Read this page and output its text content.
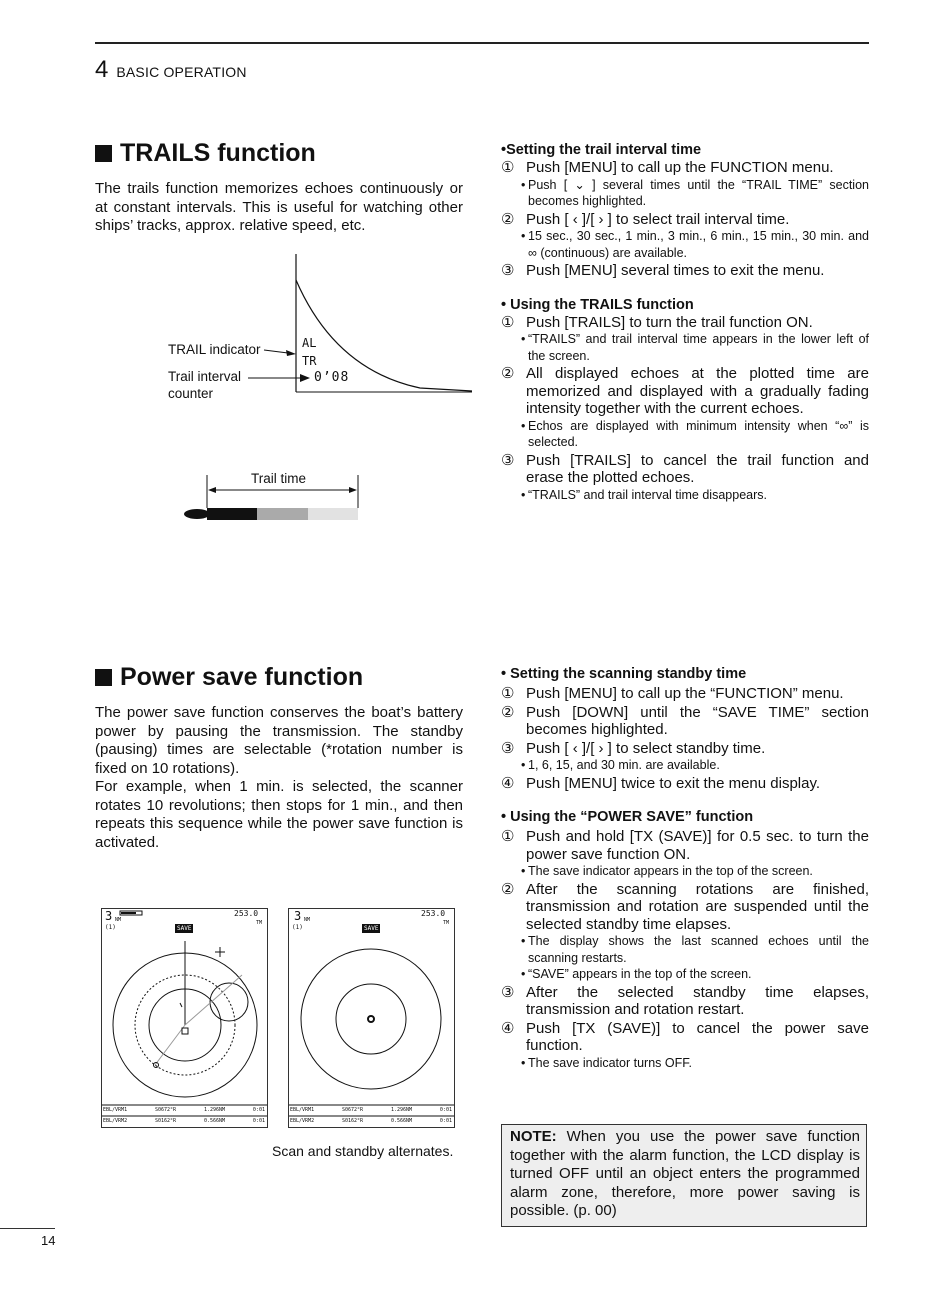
4 BASIC OPERATION
TRAILS function
The trails function memorizes echoes continuously or at constant intervals. This is useful for watching other ships’ tracks, approx. relative speed, etc.
TRAIL indicator
Trail interval
counter
AL
TR
0’08
Trail time
•Setting the trail interval time
① Push [MENU] to call up the FUNCTION menu.
• Push [ ⌄ ] several times until the “TRAIL TIME” section becomes highlighted.
② Push [ ‹ ]/[ › ] to select trail interval time.
• 15 sec., 30 sec., 1 min., 3 min., 6 min., 15 min., 30 min. and ∞ (continuous) are available.
③ Push [MENU] several times to exit the menu.
• Using the TRAILS function
① Push [TRAILS] to turn the trail function ON.
• “TRAILS” and trail interval time appears in the lower left of the screen.
② All displayed echoes at the plotted time are memorized and displayed with a gradually fading intensity together with the current echoes.
• Echos are displayed with minimum intensity when “∞” is selected.
③ Push [TRAILS] to cancel the trail function and erase the plotted echoes.
• “TRAILS” and trail interval time disappears.
Power save function
The power save function conserves the boat’s battery power by pausing the transmission. The standby (pausing) times are selectable (*rotation number is fixed on 10 rotations).
For example, when 1 min. is selected, the scanner rotates 10 revolutions; then stops for 1 min., and then repeats this sequence while the power save function is activated.
3 NM
(1)
253.0
TM
SAVE
EBL/VRM1	S0672°R	1.296NM	0:01
EBL/VRM2	S0162°R	0.566NM	0:01
3 NM
(1)
253.0
TM
SAVE
EBL/VRM1	S0672°R	1.296NM	0:01
EBL/VRM2	S0162°R	0.566NM	0:01
Scan and standby alternates.
• Setting the scanning standby time
① Push [MENU] to call up the “FUNCTION” menu.
② Push [DOWN] until the “SAVE TIME” section becomes highlighted.
③ Push [ ‹ ]/[ › ] to select standby time.
• 1, 6, 15, and 30 min. are available.
④ Push [MENU] twice to exit the menu display.
• Using the “POWER SAVE” function
① Push and hold [TX (SAVE)] for 0.5 sec. to turn the power save function ON.
• The save indicator appears in the top of the screen.
② After the scanning rotations are finished, transmission and rotation are suspended until the selected standby time elapses.
• The display shows the last scanned echoes until the scanning restarts.
• “SAVE” appears in the top of the screen.
③ After the selected standby time elapses, transmission and rotation restart.
④ Push [TX (SAVE)] to cancel the power save function.
• The save indicator turns OFF.
NOTE: When you use the power save function together with the alarm function, the LCD display is turned OFF until an object enters the programmed alarm zone, therefore, more power saving is possible. (p. 00)
14
